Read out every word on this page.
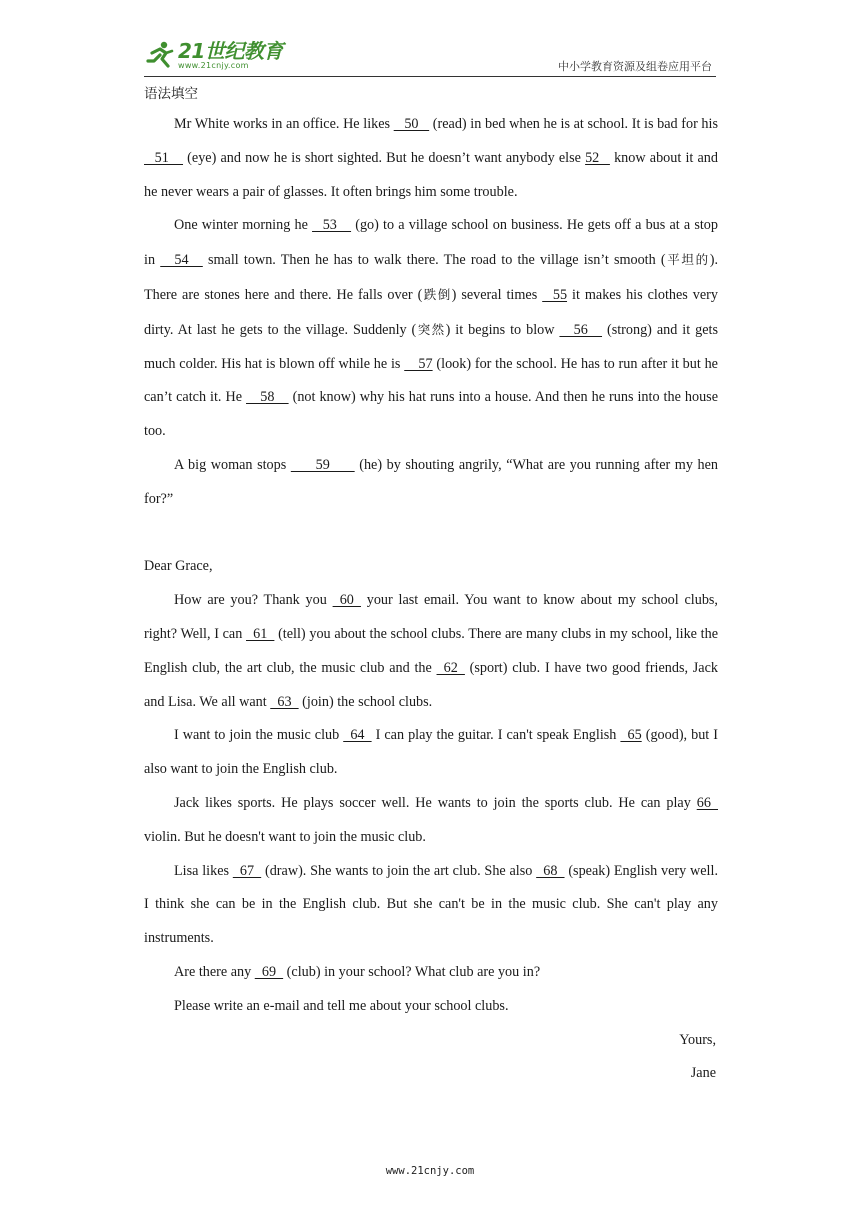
21世纪教育
www.21cnjy.com	中小学教育资源及组卷应用平台
语法填空

Mr White works in an office. He likes    50    (read) in bed when he is at school. It is bad for his    51     (eye) and now he is short sighted. But he doesn’t want anybody else 52    know about it and he never wears a pair of glasses. It often brings him some trouble.

One winter morning he    53     (go) to a village school on business. He gets off a bus at a stop in     54     small town. Then he has to walk there. The road to the village isn’t smooth (平坦的). There are stones here and there. He falls over (跌倒) several times    55 it makes his clothes very dirty. At last he gets to the village. Suddenly (突然) it begins to blow     56     (strong) and it gets much colder. His hat is blown off while he is     57 (look) for the school. He has to run after it but he can’t catch it. He     58     (not know) why his hat runs into a house. And then he runs into the house too.

A big woman stops        59        (he) by shouting angrily, “What are you running after my hen for?”

Dear Grace,

How are you? Thank you   60   your last email. You want to know about my school clubs, right? Well, I can   61   (tell) you about the school clubs. There are many clubs in my school, like the English club, the art club, the music club and the   62   (sport) club. I have two good friends, Jack and Lisa. We all want   63   (join) the school clubs.

I want to join the music club   64   I can play the guitar. I can't speak English   65 (good), but I also want to join the English club.

Jack likes sports. He plays soccer well. He wants to join the sports club. He can play 66   violin. But he doesn't want to join the music club.

Lisa likes   67   (draw). She wants to join the art club. She also   68   (speak) English very well. I think she can be in the English club. But she can't be in the music club. She can't play any instruments.

Are there any   69   (club) in your school? What club are you in?

Please write an e-mail and tell me about your school clubs.

Yours,

Jane

www.21cnjy.com
